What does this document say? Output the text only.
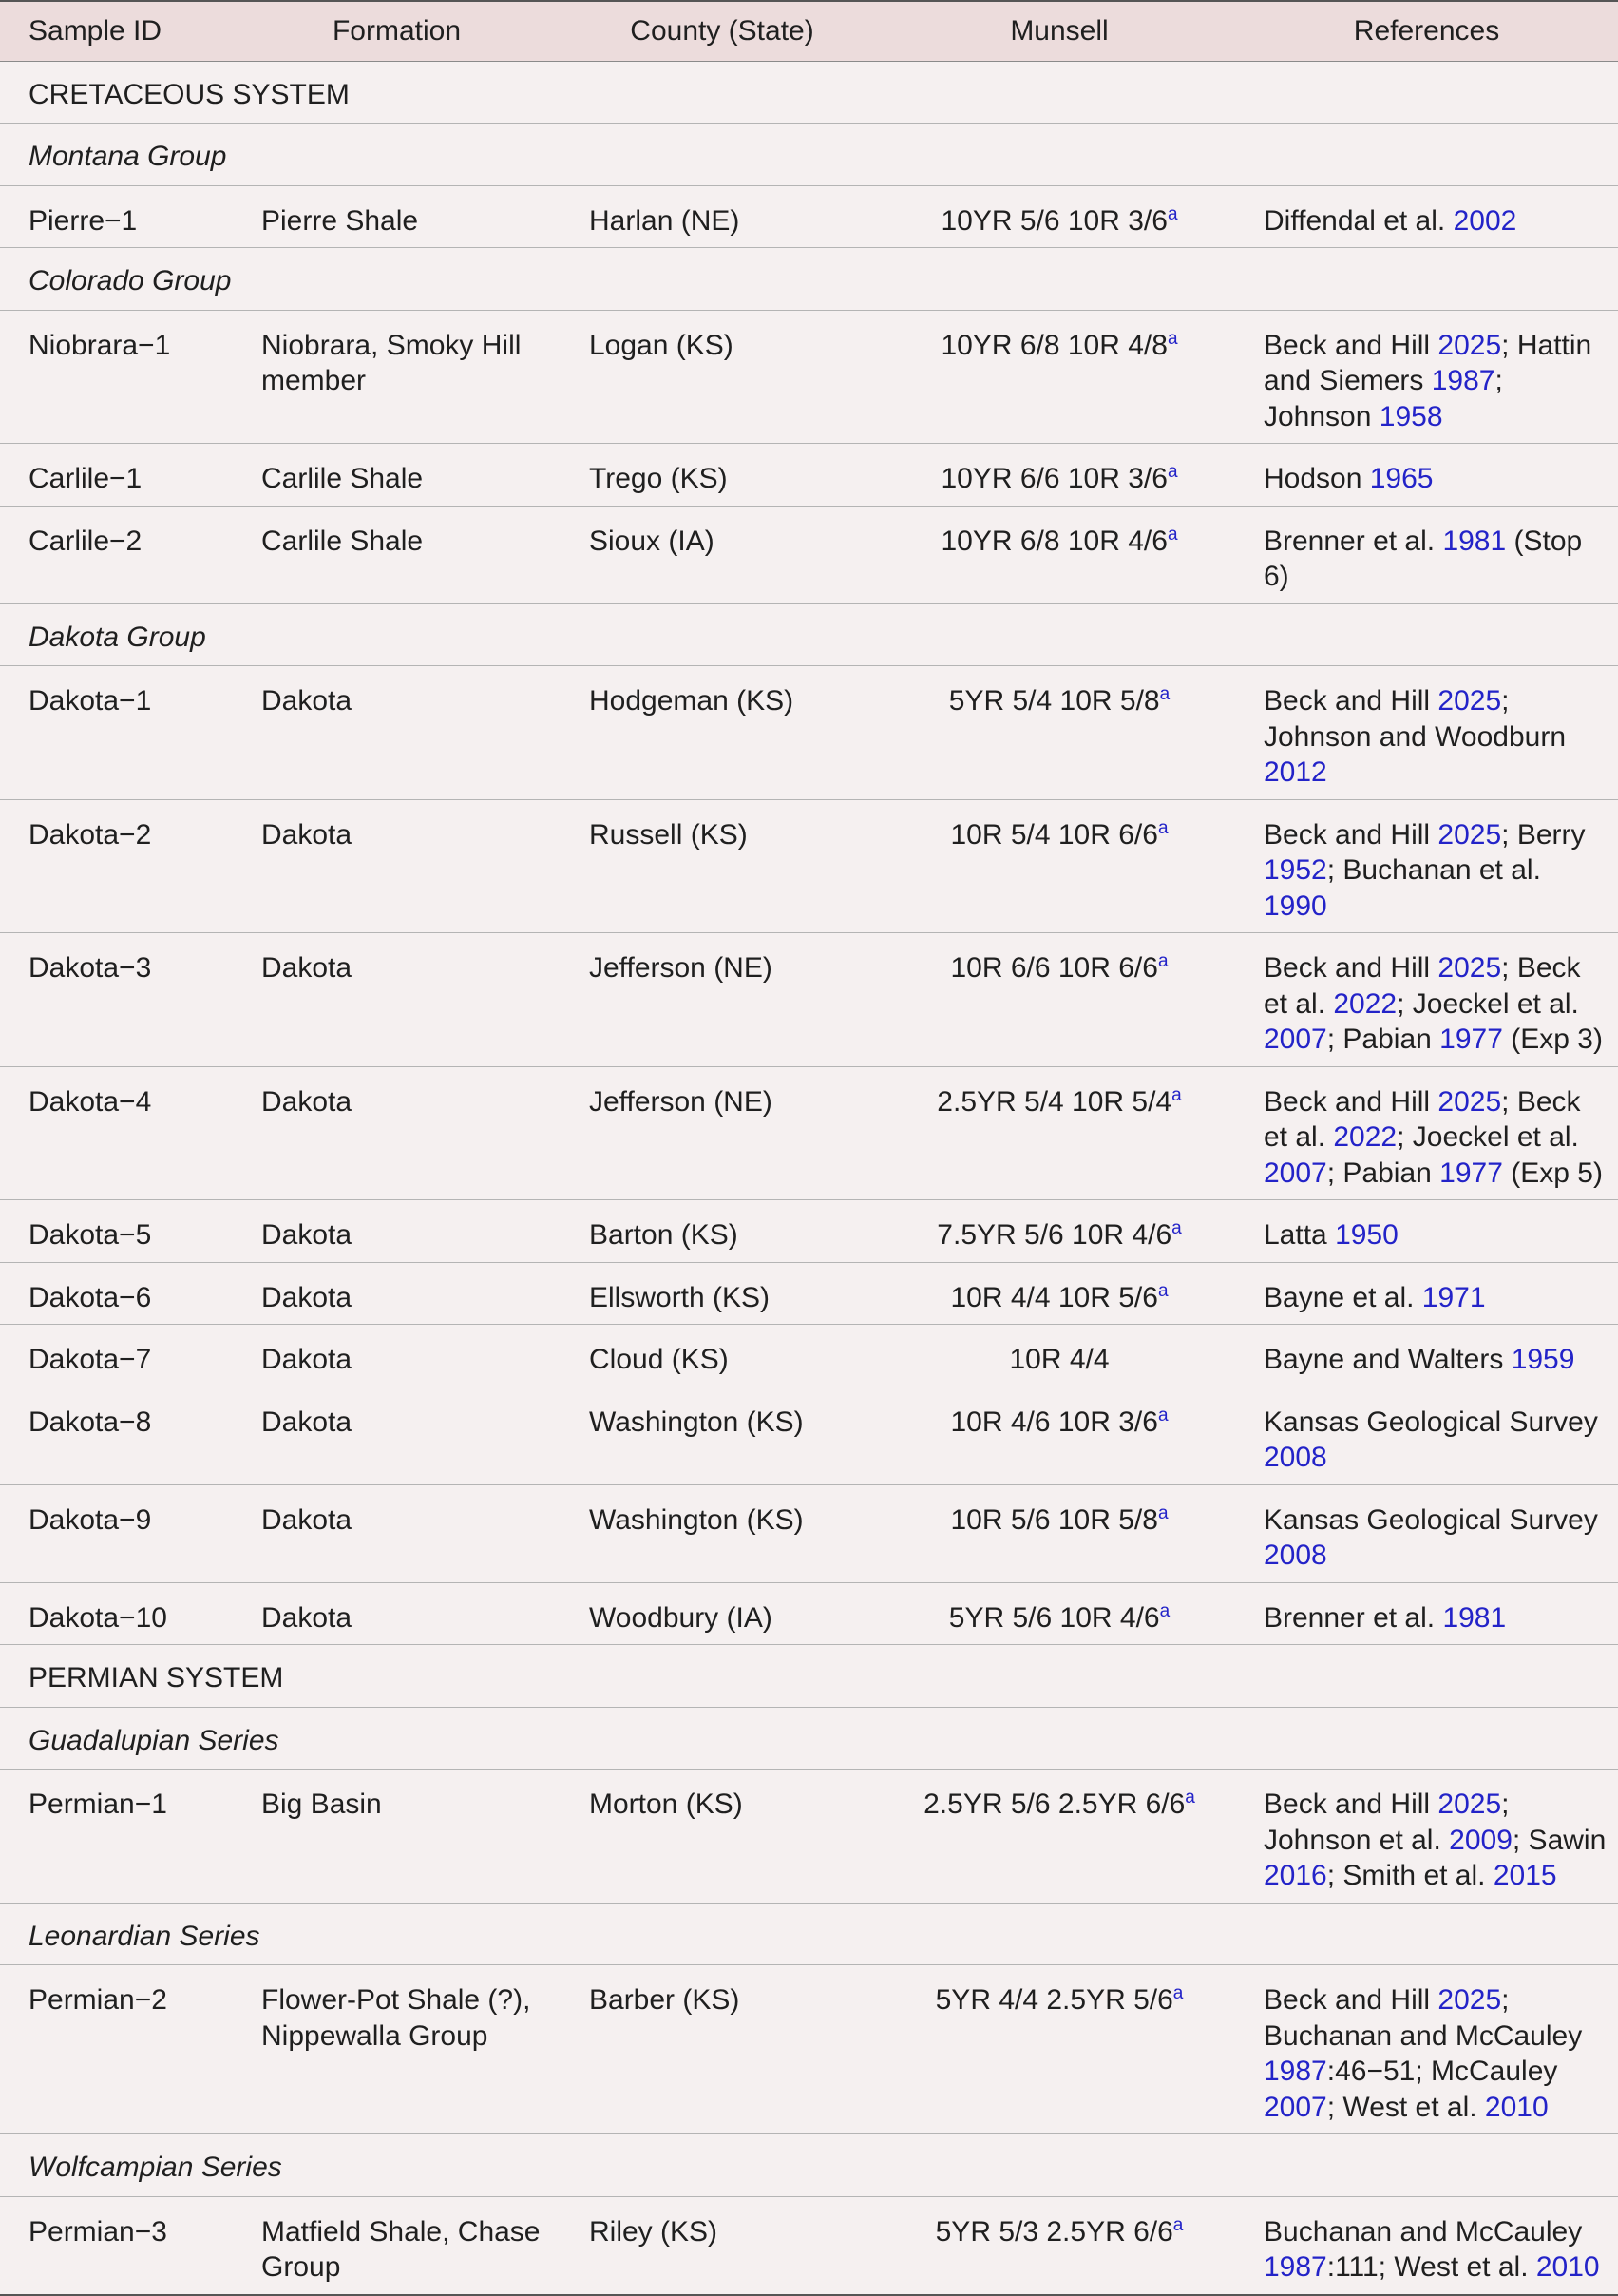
Sample ID	Formation	County (State)	Munsell	References
CRETACEOUS SYSTEM				
Montana Group				
Pierre−1	Pierre Shale	Harlan (NE)	10YR 5/6 10R 3/6$^a$	Diffendal et al. 2002
Colorado Group				
Niobrara−1	Niobrara, Smoky Hill member	Logan (KS)	10YR 6/8 10R 4/8$^a$	Beck and Hill 2025; Hattin and Siemers 1987; Johnson 1958
Carlile−1	Carlile Shale	Trego (KS)	10YR 6/6 10R 3/6$^a$	Hodson 1965
Carlile−2	Carlile Shale	Sioux (IA)	10YR 6/8 10R 4/6$^a$	Brenner et al. 1981 (Stop 6)
Dakota Group				
Dakota−1	Dakota	Hodgeman (KS)	5YR 5/4 10R 5/8$^a$	Beck and Hill 2025; Johnson and Woodburn 2012
Dakota−2	Dakota	Russell (KS)	10R 5/4 10R 6/6$^a$	Beck and Hill 2025; Berry 1952; Buchanan et al. 1990
Dakota−3	Dakota	Jefferson (NE)	10R 6/6 10R 6/6$^a$	Beck and Hill 2025; Beck et al. 2022; Joeckel et al. 2007; Pabian 1977 (Exp 3)
Dakota−4	Dakota	Jefferson (NE)	2.5YR 5/4 10R 5/4$^a$	Beck and Hill 2025; Beck et al. 2022; Joeckel et al. 2007; Pabian 1977 (Exp 5)
Dakota−5	Dakota	Barton (KS)	7.5YR 5/6 10R 4/6$^a$	Latta 1950
Dakota−6	Dakota	Ellsworth (KS)	10R 4/4 10R 5/6$^a$	Bayne et al. 1971
Dakota−7	Dakota	Cloud (KS)	10R 4/4	Bayne and Walters 1959
Dakota−8	Dakota	Washington (KS)	10R 4/6 10R 3/6$^a$	Kansas Geological Survey 2008
Dakota−9	Dakota	Washington (KS)	10R 5/6 10R 5/8$^a$	Kansas Geological Survey 2008
Dakota−10	Dakota	Woodbury (IA)	5YR 5/6 10R 4/6$^a$	Brenner et al. 1981
PERMIAN SYSTEM				
Guadalupian Series				
Permian−1	Big Basin	Morton (KS)	2.5YR 5/6 2.5YR 6/6$^a$	Beck and Hill 2025; Johnson et al. 2009; Sawin 2016; Smith et al. 2015
Leonardian Series				
Permian−2	Flower-Pot Shale (?), Nippewalla Group	Barber (KS)	5YR 4/4 2.5YR 5/6$^a$	Beck and Hill 2025; Buchanan and McCauley 1987:46−51; McCauley 2007; West et al. 2010
Wolfcampian Series				
Permian−3	Matfield Shale, Chase Group	Riley (KS)	5YR 5/3 2.5YR 6/6$^a$	Buchanan and McCauley 1987:111; West et al. 2010
